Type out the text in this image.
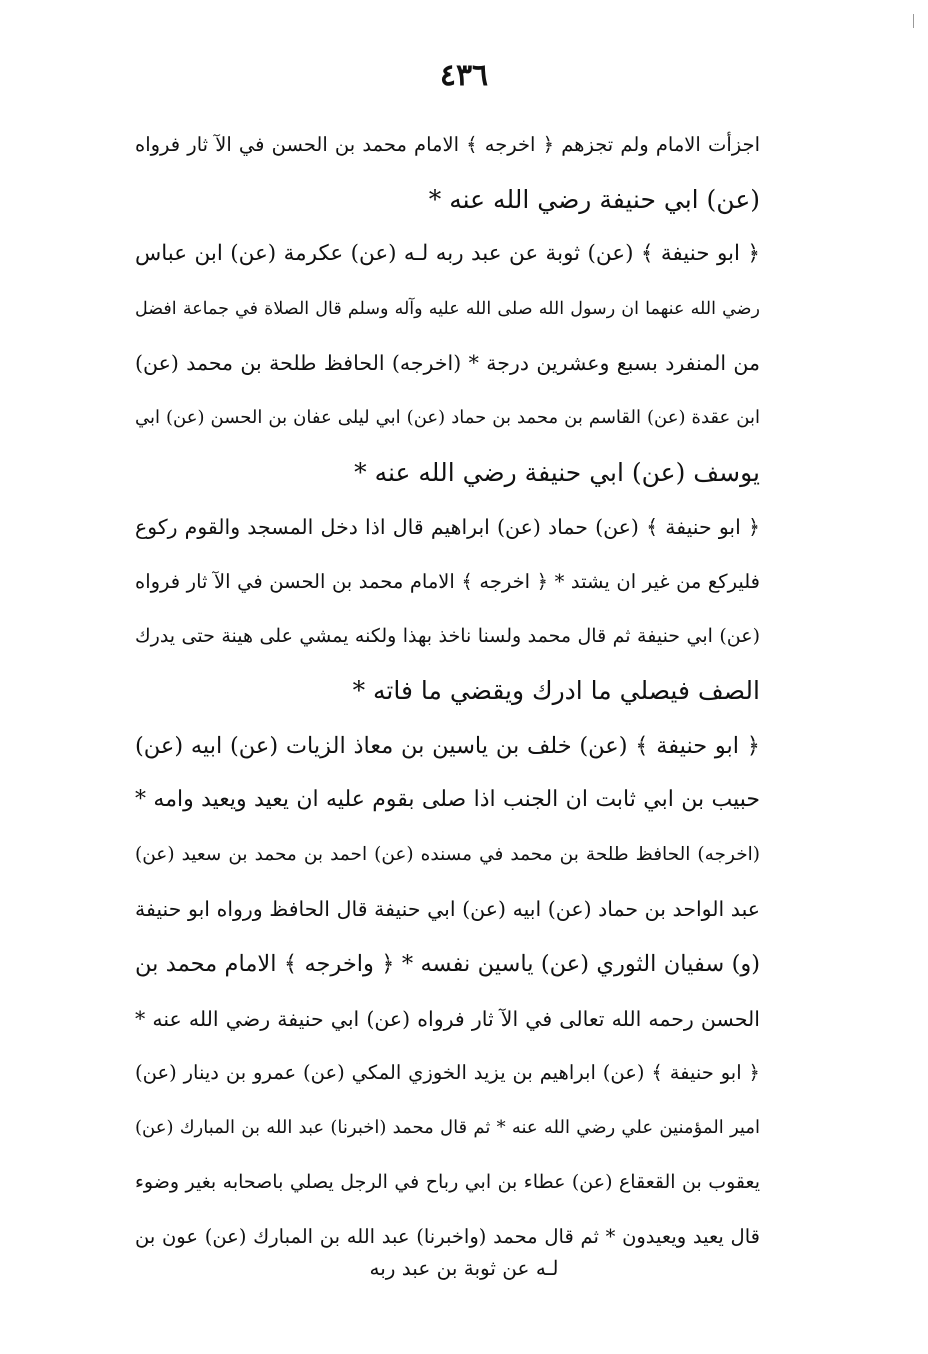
٤٣٦
اجزأت الامام ولم تجزهم ﴿ اخرجه ﴾ الامام محمد بن الحسن في الآ ثار فرواه
(عن) ابي حنيفة رضي الله عنه *
﴿ ابو حنيفة ﴾ (عن) ثوبة عن عبد ربه لـه (عن) عكرمة (عن) ابن عباس
رضي الله عنهما ان رسول الله صلى الله عليه وآله وسلم قال الصلاة في جماعة افضل
من المنفرد بسبع وعشرين درجة * (اخرجه) الحافظ طلحة بن محمد (عن)
ابن عقدة (عن) القاسم بن محمد بن حماد (عن) ابي ليلى عفان بن الحسن (عن) ابي
يوسف (عن) ابي حنيفة رضي الله عنه *
﴿ ابو حنيفة ﴾ (عن) حماد (عن) ابراهيم قال اذا دخل المسجد والقوم ركوع
فليركع من غير ان يشتد * ﴿ اخرجه ﴾ الامام محمد بن الحسن في الآ ثار فرواه
(عن) ابي حنيفة ثم قال محمد ولسنا ناخذ بهذا ولكنه يمشي على هينة حتى يدرك
الصف فيصلي ما ادرك ويقضي ما فاته *
﴿ ابو حنيفة ﴾ (عن) خلف بن ياسين بن معاذ الزيات (عن) ابيه (عن)
حبيب بن ابي ثابت ان الجنب اذا صلى بقوم عليه ان يعيد ويعيد وامه *
(اخرجه) الحافظ طلحة بن محمد في مسنده (عن) احمد بن محمد بن سعيد (عن)
عبد الواحد بن حماد (عن) ابيه (عن) ابي حنيفة قال الحافظ ورواه ابو حنيفة
(و) سفيان الثوري (عن) ياسين نفسه * ﴿ واخرجه ﴾ الامام محمد بن
الحسن رحمه الله تعالى في الآ ثار فرواه (عن) ابي حنيفة رضي الله عنه *
﴿ ابو حنيفة ﴾ (عن) ابراهيم بن يزيد الخوزي المكي (عن) عمرو بن دينار (عن)
امير المؤمنين علي رضي الله عنه * ثم قال محمد (اخبرنا) عبد الله بن المبارك (عن)
يعقوب بن القعقاع (عن) عطاء بن ابي رباح في الرجل يصلي باصحابه بغير وضوء
قال يعيد ويعيدون * ثم قال محمد (واخبرنا) عبد الله بن المبارك (عن) عون بن
لـه عن ثوبة بن عبد ربه
